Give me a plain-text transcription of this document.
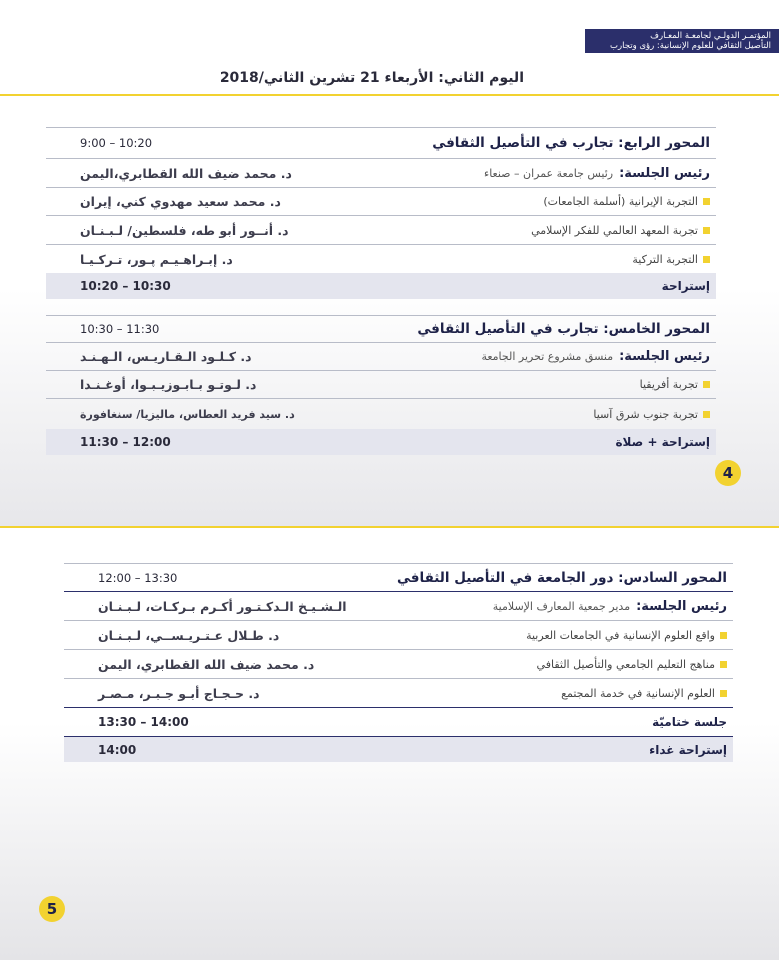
المؤتمـر الدولـي لجامعـة المعـارف
التأصيل الثقافي للعلوم الإنسانية: رؤى وتجارب
اليوم الثاني: الأربعاء 21 تشرين الثاني/2018
المحور الرابع: تجارب في التأصيل الثقافي
9:00 – 10:20
رئيس الجلسة:
رئيس جامعة عمران – صنعاء
د. محمد ضيف الله القطابري،اليمن
التجربة الإيرانية (أسلمة الجامعات)
د. محمد سعيد مهدوي كني، إيران
تجربة المعهد العالمي للفكر الإسلامي
د. أنــور أبو طه، فلسطين/ لـبـنـان
التجربة التركية
د. إبـراهـيـم پـور، تـركـيـا
إستراحة
10:20 – 10:30
المحور الخامس: تجارب في التأصيل الثقافي
10:30 – 11:30
رئيس الجلسة:
منسق مشروع تحرير الجامعة
د. كـلـود الـقـاريـس، الـهـنـد
تجربة أفريقيا
د. لـوتـو بـابـوزيـبـوا، أوغـنـدا
تجربة جنوب شرق آسيا
د. سيد فريد العطاس، ماليزيا/ سنغافورة
إستراحة + صلاة
11:30 – 12:00
4
المحور السادس: دور الجامعة في التأصيل الثقافي
12:00 – 13:30
رئيس الجلسة:
مدير جمعية المعارف الإسلامية
الـشـيـخ الـدكـتـور أكـرم بـركـات، لـبـنـان
واقع العلوم الإنسانية في الجامعات العربية
د. طـلال عـتـريـســي، لـبـنـان
مناهج التعليم الجامعي والتأصيل الثقافي
د. محمد ضيف الله القطابري، اليمن
العلوم الإنسانية في خدمة المجتمع
د. حـجـاج أبـو جـبـر، مـصـر
جلسة ختاميّة
13:30 – 14:00
إستراحة غداء
14:00
5
